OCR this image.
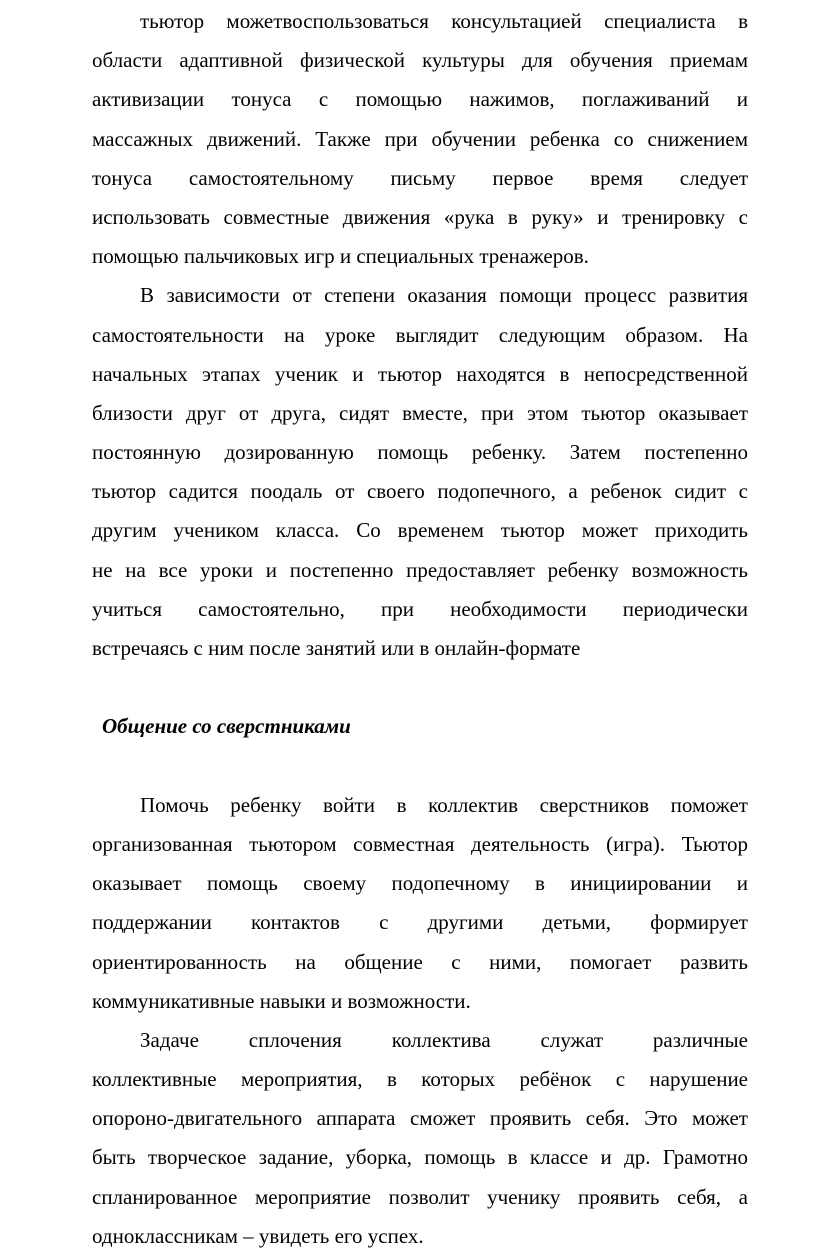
тьютор можетвоспользоваться консультацией специалиста в
области адаптивной физической культуры для обучения приемам
активизации тонуса с помощью нажимов, поглаживаний и
массажных движений. Также при обучении ребенка со снижением
тонуса самостоятельному письму первое время следует
использовать совместные движения «рука в руку» и тренировку с
помощью пальчиковых игр и специальных тренажеров.
В зависимости от степени оказания помощи процесс развития
самостоятельности на уроке выглядит следующим образом. На
начальных этапах ученик и тьютор находятся в непосредственной
близости друг от друга, сидят вместе, при этом тьютор оказывает
постоянную дозированную помощь ребенку. Затем постепенно
тьютор садится поодаль от своего подопечного, а ребенок сидит с
другим учеником класса. Со временем тьютор может приходить
не на все уроки и постепенно предоставляет ребенку возможность
учиться самостоятельно, при необходимости периодически
встречаясь с ним после занятий или в онлайн-формате
Общение со сверстниками
Помочь ребенку войти в коллектив сверстников поможет
организованная тьютором совместная деятельность (игра). Тьютор
оказывает помощь своему подопечному в инициировании и
поддержании контактов с другими детьми, формирует
ориентированность на общение с ними, помогает развить
коммуникативные навыки и возможности.
Задаче сплочения коллектива служат различные
коллективные мероприятия, в которых ребёнок с нарушение
опороно-двигательного аппарата сможет проявить себя. Это может
быть творческое задание, уборка, помощь в классе и др. Грамотно
спланированное мероприятие позволит ученику проявить себя, а
одноклассникам – увидеть его успех.
